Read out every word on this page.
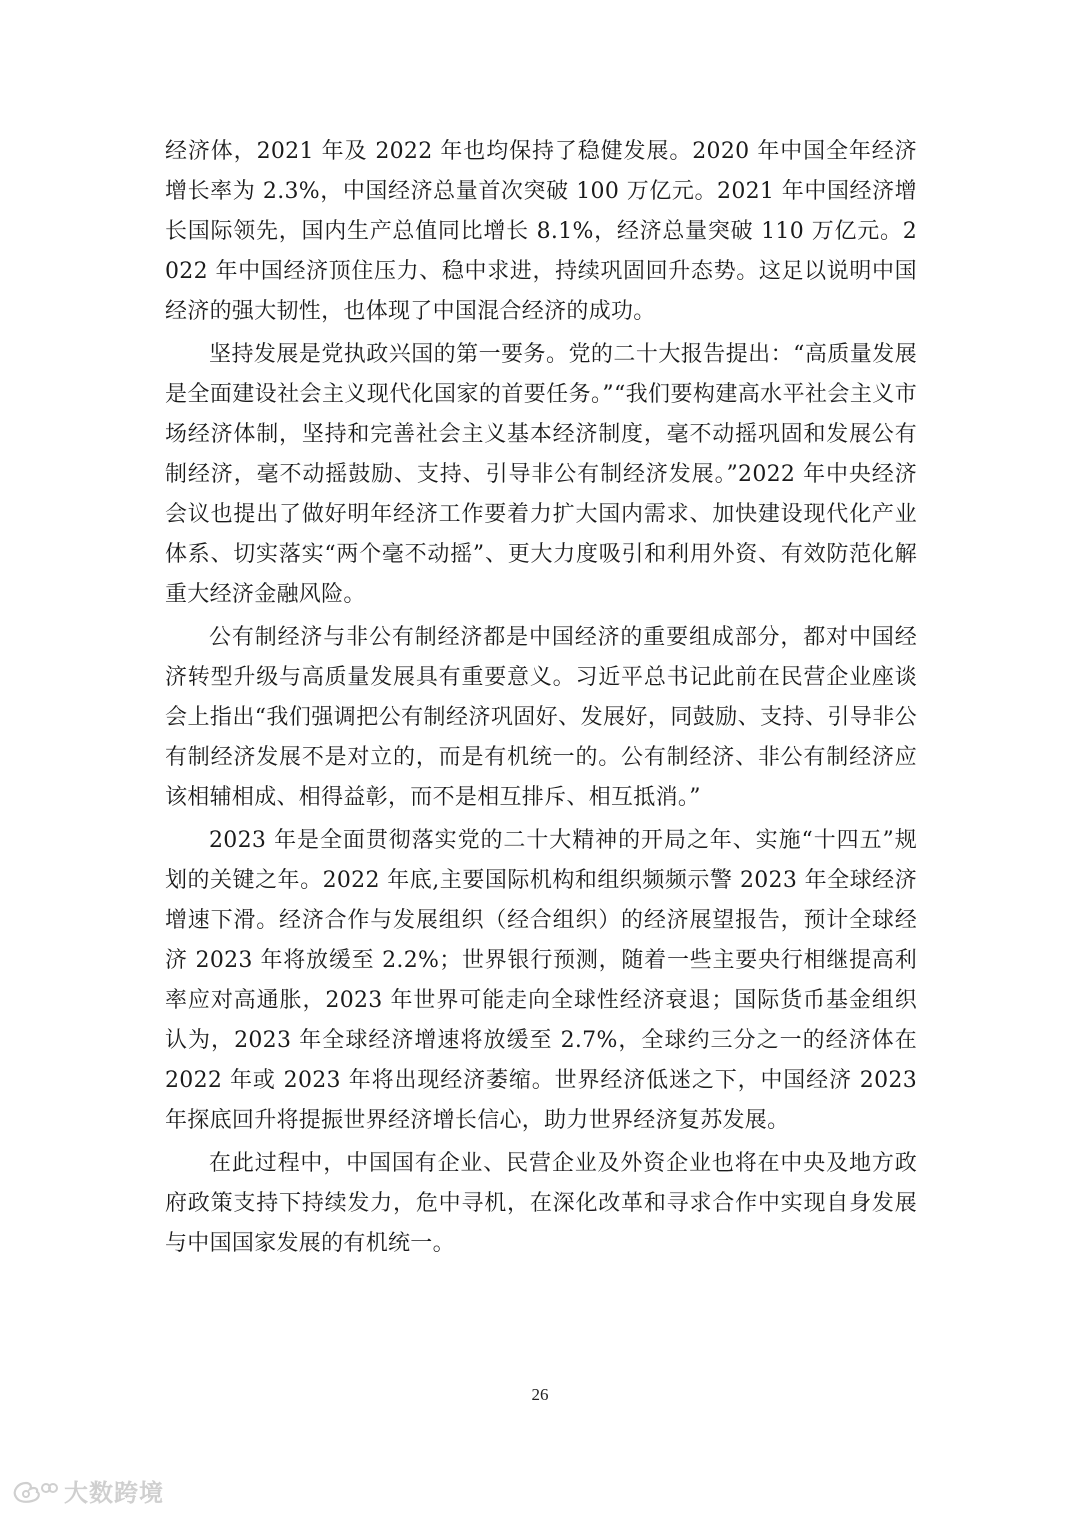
经济体，2021 年及 2022 年也均保持了稳健发展。2020 年中国全年经济增长率为 2.3%，中国经济总量首次突破 100 万亿元。2021 年中国经济增长国际领先，国内生产总值同比增长 8.1%，经济总量突破 110 万亿元。2022 年中国经济顶住压力、稳中求进，持续巩固回升态势。这足以说明中国经济的强大韧性，也体现了中国混合经济的成功。

坚持发展是党执政兴国的第一要务。党的二十大报告提出：“高质量发展是全面建设社会主义现代化国家的首要任务。”“我们要构建高水平社会主义市场经济体制，坚持和完善社会主义基本经济制度，毫不动摇巩固和发展公有制经济，毫不动摇鼓励、支持、引导非公有制经济发展。”2022 年中央经济会议也提出了做好明年经济工作要着力扩大国内需求、加快建设现代化产业体系、切实落实“两个毫不动摇”、更大力度吸引和利用外资、有效防范化解重大经济金融风险。

公有制经济与非公有制经济都是中国经济的重要组成部分，都对中国经济转型升级与高质量发展具有重要意义。习近平总书记此前在民营企业座谈会上指出“我们强调把公有制经济巩固好、发展好，同鼓励、支持、引导非公有制经济发展不是对立的，而是有机统一的。公有制经济、非公有制经济应该相辅相成、相得益彰，而不是相互排斥、相互抵消。”

2023 年是全面贯彻落实党的二十大精神的开局之年、实施“十四五”规划的关键之年。2022 年底,主要国际机构和组织频频示警 2023 年全球经济增速下滑。经济合作与发展组织（经合组织）的经济展望报告，预计全球经济 2023 年将放缓至 2.2%；世界银行预测，随着一些主要央行相继提高利率应对高通胀，2023 年世界可能走向全球性经济衰退；国际货币基金组织认为，2023 年全球经济增速将放缓至 2.7%，全球约三分之一的经济体在 2022 年或 2023 年将出现经济萎缩。世界经济低迷之下，中国经济 2023 年探底回升将提振世界经济增长信心，助力世界经济复苏发展。

在此过程中，中国国有企业、民营企业及外资企业也将在中央及地方政府政策支持下持续发力，危中寻机，在深化改革和寻求合作中实现自身发展与中国国家发展的有机统一。

26
大数跨境
